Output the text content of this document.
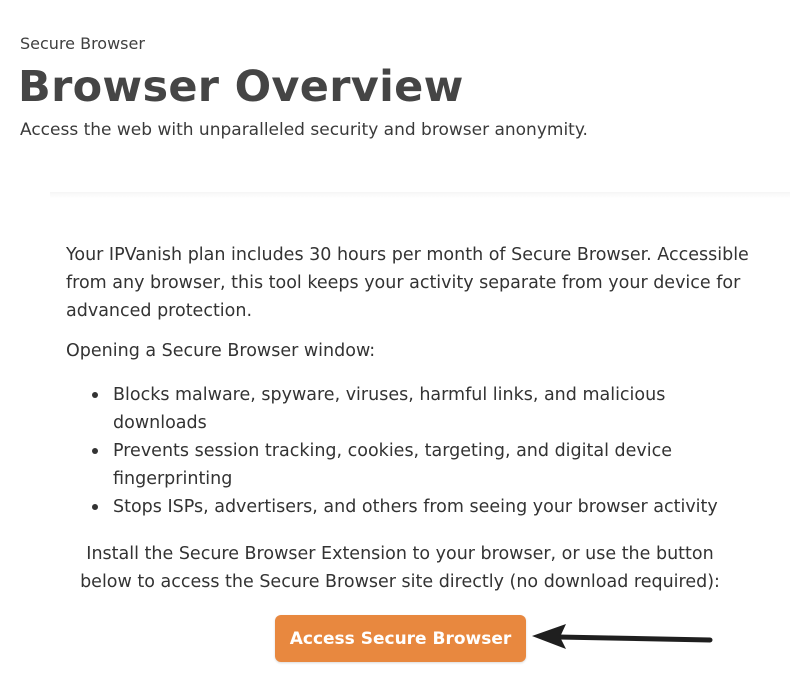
Secure Browser
Browser Overview

Access the web with unparalleled security and browser anonymity.

Your IPVanish plan includes 30 hours per month of Secure Browser. Accessible from any browser, this tool keeps your activity separate from your device for advanced protection.

Opening a Secure Browser window:

Blocks malware, spyware, viruses, harmful links, and malicious downloads
Prevents session tracking, cookies, targeting, and digital device fingerprinting
Stops ISPs, advertisers, and others from seeing your browser activity

Install the Secure Browser Extension to your browser, or use the button below to access the Secure Browser site directly (no download required):

Access Secure Browser
